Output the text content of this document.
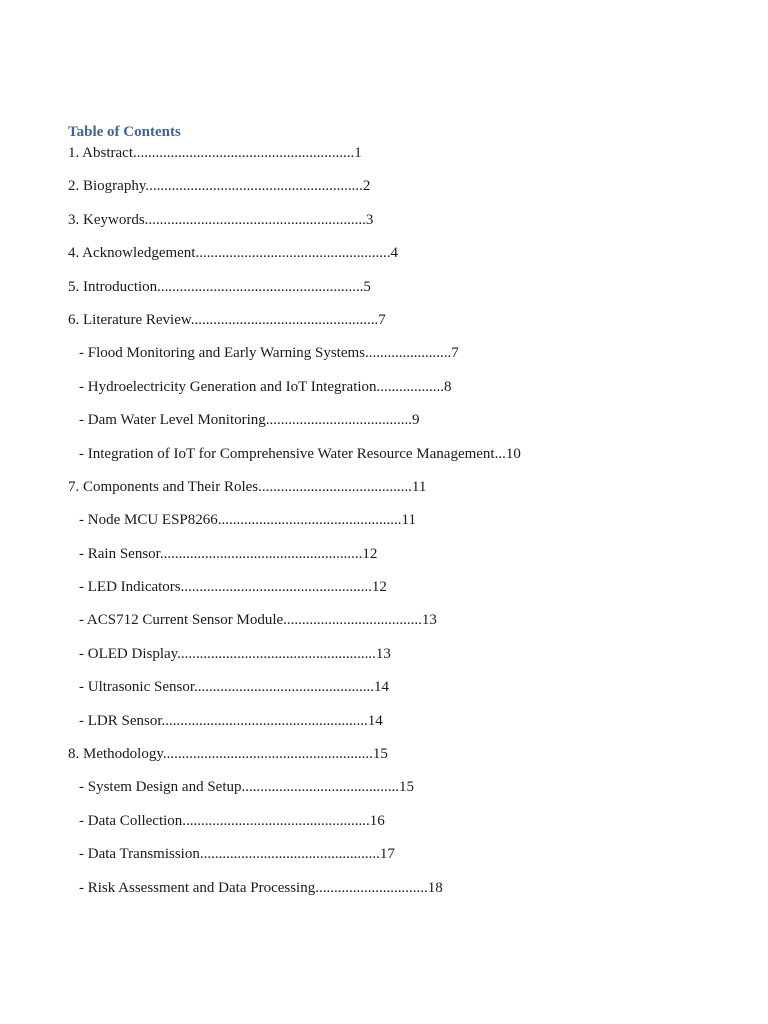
Table of Contents
1. Abstract...........................................................1
2. Biography..........................................................2
3. Keywords...........................................................3
4. Acknowledgement....................................................4
5. Introduction.......................................................5
6. Literature Review..................................................7
- Flood Monitoring and Early Warning Systems.......................7
- Hydroelectricity Generation and IoT Integration..................8
- Dam Water Level Monitoring.......................................9
- Integration of IoT for Comprehensive Water Resource Management...10
7. Components and Their Roles.........................................11
- Node MCU ESP8266.................................................11
- Rain Sensor......................................................12
- LED Indicators...................................................12
- ACS712 Current Sensor Module.....................................13
- OLED Display.....................................................13
- Ultrasonic Sensor................................................14
- LDR Sensor.......................................................14
8. Methodology........................................................15
- System Design and Setup..........................................15
- Data Collection..................................................16
- Data Transmission................................................17
- Risk Assessment and Data Processing..............................18
